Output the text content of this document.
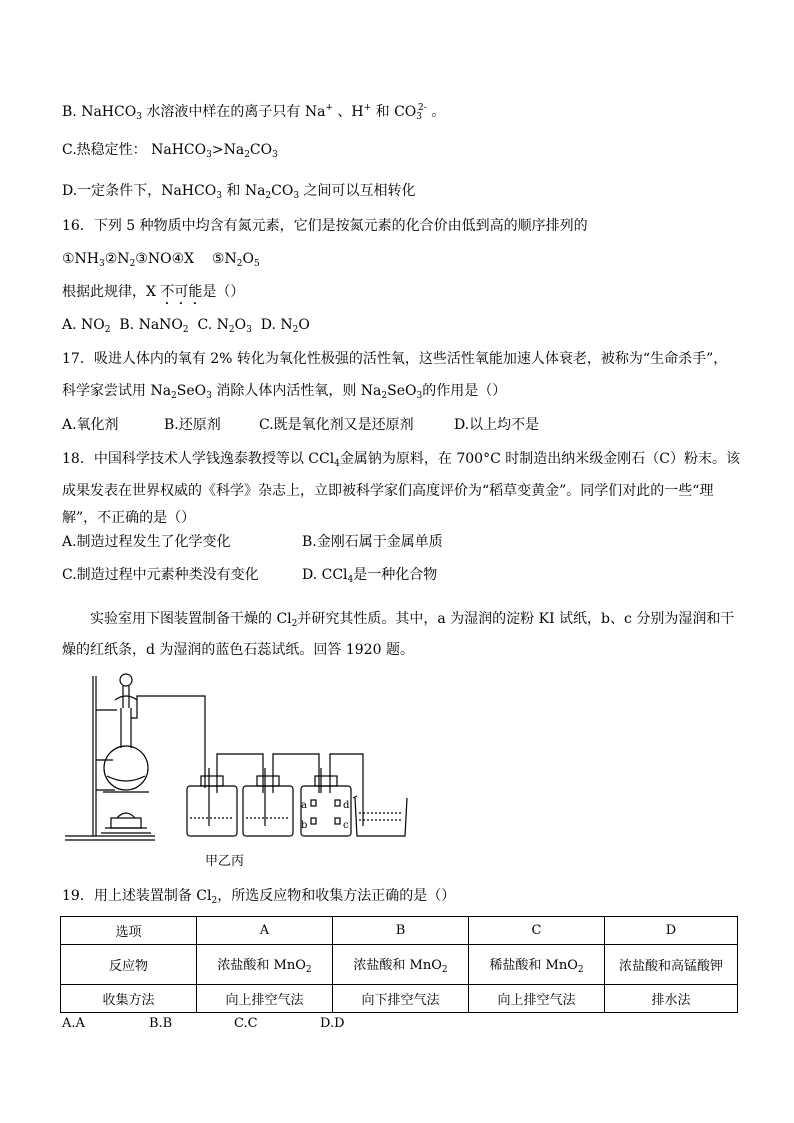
B. NaHCO$_3$ 水溶液中样在的离子只有 Na+ 、H+ 和 $CO_3^{2-}$ 。
C.热稳定性： $NaHCO_3>Na_2CO_3$
D.一定条件下，NaHCO$_3$ 和 $Na_2CO_3$ 之间可以互相转化
16．下列 5 种物质中均含有氮元素，它们是按氮元素的化合价由低到高的顺序排列的
$①NH_3②N_2③NO④X$ $⑤N_2O_5$
根据此规律，X 不可能是（）
A. $NO_2$ B. NaNO$_2$ C. $N_2O_3$ D. $N_2O$
17．吸进人体内的氧有 2% 转化为氧化性极强的活性氧，这些活性氧能加速人体衰老，被称为“生命杀手”，
科学家尝试用 $Na_2SeO_3$ 消除人体内活性氧，则 $Na_2SeO_3$的作用是（）
A.氧化剂	B.还原剂	C.既是氧化剂又是还原剂	D.以上均不是
18．中国科学技术人学钱逸泰教授等以 CCl$_4$金属钠为原料，在 700°C 时制造出纳米级金刚石（C）粉末。该
成果发表在世界权威的《科学》杂志上，立即被科学家们高度评价为“稻草变黄金”。同学们对此的一些“理
解”，不正确的是（）
A.制造过程发生了化学变化	B.金刚石属于金属单质
C.制造过程中元素种类没有变化	D. CCl$_4$是一种化合物
实验室用下图装置制备干燥的 $Cl_2$并研究其性质。其中，a 为湿润的淀粉 KI 试纸，b、c 分别为湿润和干
燥的红纸条，d 为湿润的蓝色石蕊试纸。回答 1920 题。
a
b
d
c
甲乙丙
19．用上述装置制备 $Cl_2$，所选反应物和收集方法正确的是（）
选项	A	B	C	D
反应物	浓盐酸和 MnO$_2$	浓盐酸和 MnO$_2$	稀盐酸和 MnO$_2$	浓盐酸和高锰酸钾
收集方法	向上排空气法	向下排空气法	向上排空气法	排水法
A.A	B.B	C.C	D.D
